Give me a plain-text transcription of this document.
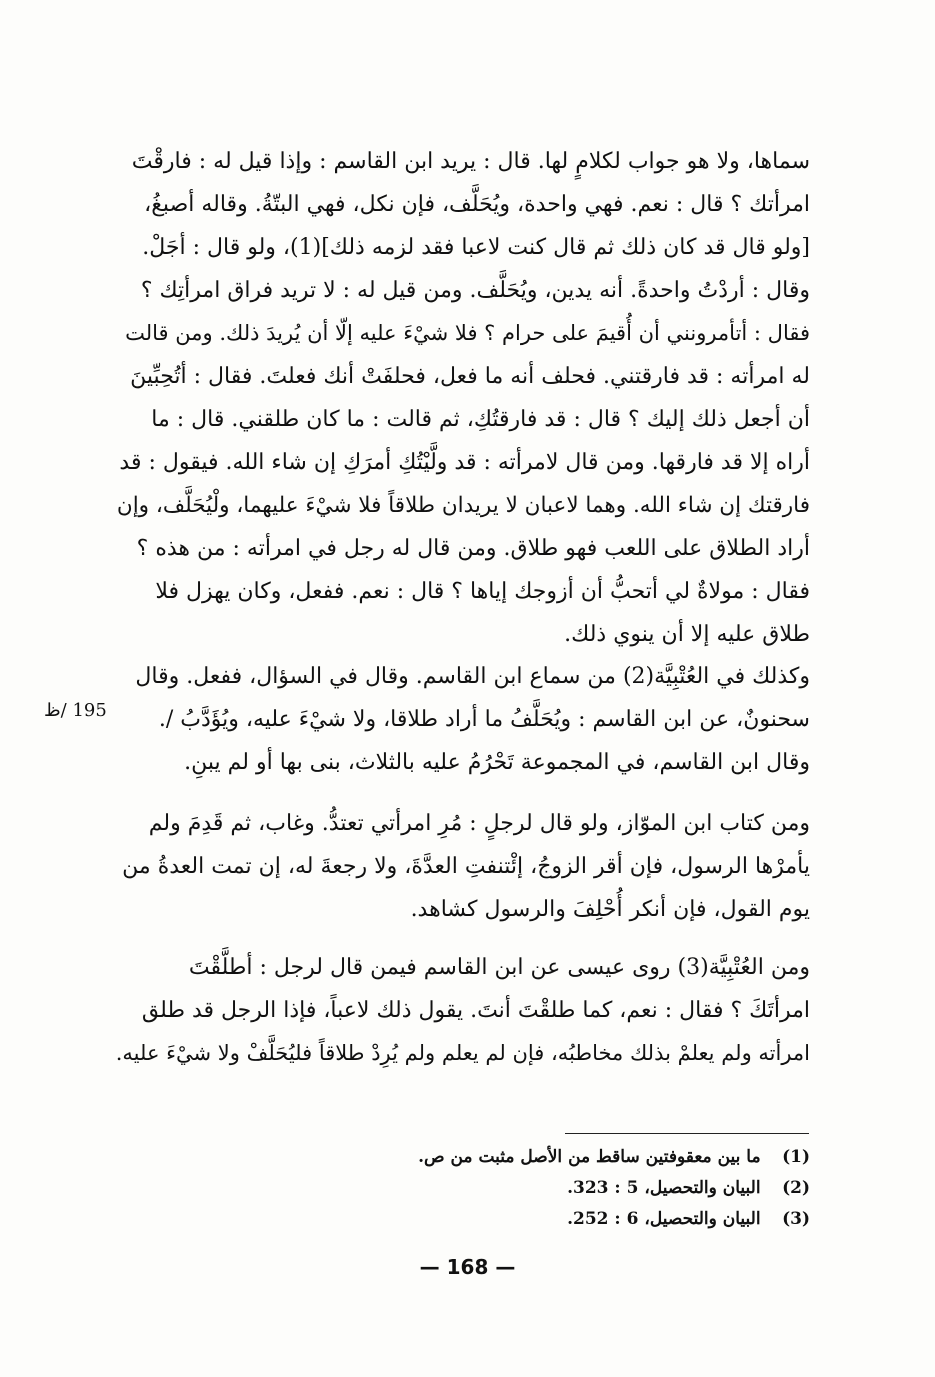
سماها، ولا هو جواب لكلامٍ لها. قال : يريد ابن القاسم : وإذا قيل له : فارقْتَ
امرأتك ؟ قال : نعم. فهي واحدة، ويُحَلَّف، فإن نكل، فهي البتّةُ. وقاله أصبغُ،
[ولو قال قد كان ذلك ثم قال كنت لاعبا فقد لزمه ذلك](1)، ولو قال : أجَلْ.
وقال : أردْتُ واحدةً. أنه يدين، ويُحَلَّف. ومن قيل له : لا تريد فراق امرأتِك ؟
فقال : أتأمرونني أن أُقيمَ على حرام ؟ فلا شيْءَ عليه إلّا أن يُريدَ ذلك. ومن قالت
له امرأته : قد فارقتني. فحلف أنه ما فعل، فحلفَتْ أنك فعلتَ. فقال : أتُحِبِّينَ
أن أجعل ذلك إليك ؟ قال : قد فارقتُكِ، ثم قالت : ما كان طلقني. قال : ما
أراه إلا قد فارقها. ومن قال لامرأته : قد ولَّيْتُكِ أمرَكِ إن شاء الله. فيقول : قد
فارقتك إن شاء الله. وهما لاعبان لا يريدان طلاقاً فلا شيْءَ عليهما، ولْيُحَلَّف، وإن
أراد الطلاق على اللعب فهو طلاق. ومن قال له رجل في امرأته : من هذه ؟
فقال : مولاةٌ لي أتحبُّ أن أزوجك إياها ؟ قال : نعم. ففعل، وكان يهزل فلا
طلاق عليه إلا أن ينوي ذلك.
وكذلك في العُتْبِيَّة(2) من سماع ابن القاسم. وقال في السؤال، ففعل. وقال
سحنونٌ، عن ابن القاسم : ويُحَلَّفُ ما أراد طلاقا، ولا شيْءَ عليه، ويُؤَدَّبُ /.
وقال ابن القاسم، في المجموعة تَحْرُمُ عليه بالثلاث، بنى بها أو لم يبنِ.
195 /ظ
ومن كتاب ابن الموّاز، ولو قال لرجلٍ : مُرِ امرأتي تعتدُّ. وغاب، ثم قَدِمَ ولم
يأمرْها الرسول، فإن أقر الزوجُ، إئْتنفتِ العدَّةَ، ولا رجعةَ له، إن تمت العدةُ من
يوم القول، فإن أنكر أُحْلِفَ والرسول كشاهد.
ومن العُتْبِيَّة(3) روى عيسى عن ابن القاسم فيمن قال لرجل : أطلَّقْتَ
امرأتَكَ ؟ فقال : نعم، كما طلقْتَ أنتَ. يقول ذلك لاعباً، فإذا الرجل قد طلق
امرأته ولم يعلمْ بذلك مخاطبُه، فإن لم يعلم ولم يُرِدْ طلاقاً فليُحَلَّفْ ولا شيْءَ عليه.
(1) ما بين معقوفتين ساقط من الأصل مثبت من ص.
(2) البيان والتحصيل، 5 : 323.
(3) البيان والتحصيل، 6 : 252.
— 168 —
